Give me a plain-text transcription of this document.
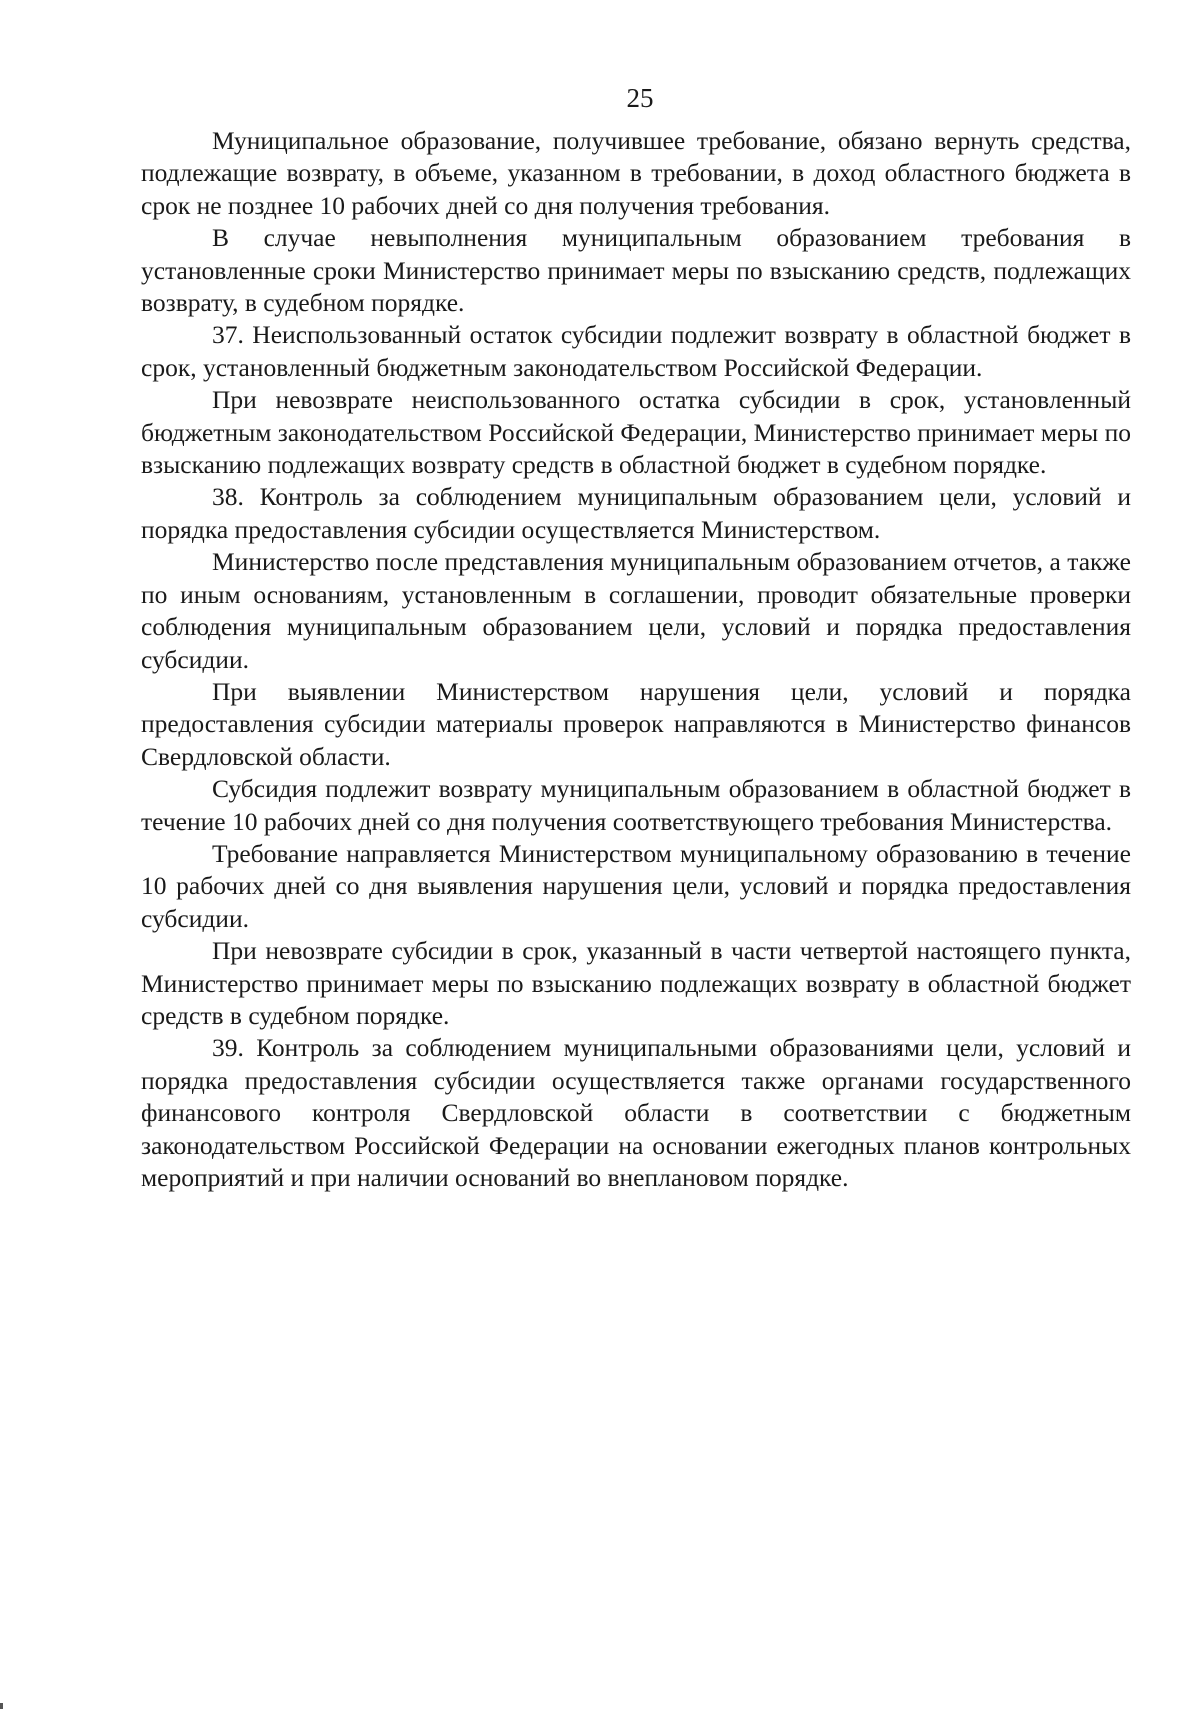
25

Муниципальное образование, получившее требование, обязано вернуть средства, подлежащие возврату, в объеме, указанном в требовании, в доход областного бюджета в срок не позднее 10 рабочих дней со дня получения требования.

В случае невыполнения муниципальным образованием требования в установленные сроки Министерство принимает меры по взысканию средств, подлежащих возврату, в судебном порядке.

37. Неиспользованный остаток субсидии подлежит возврату в областной бюджет в срок, установленный бюджетным законодательством Российской Федерации.

При невозврате неиспользованного остатка субсидии в срок, установленный бюджетным законодательством Российской Федерации, Министерство принимает меры по взысканию подлежащих возврату средств в областной бюджет в судебном порядке.

38. Контроль за соблюдением муниципальным образованием цели, условий и порядка предоставления субсидии осуществляется Министерством.

Министерство после представления муниципальным образованием отчетов, а также по иным основаниям, установленным в соглашении, проводит обязательные проверки соблюдения муниципальным образованием цели, условий и порядка предоставления субсидии.

При выявлении Министерством нарушения цели, условий и порядка предоставления субсидии материалы проверок направляются в Министерство финансов Свердловской области.

Субсидия подлежит возврату муниципальным образованием в областной бюджет в течение 10 рабочих дней со дня получения соответствующего требования Министерства.

Требование направляется Министерством муниципальному образованию в течение 10 рабочих дней со дня выявления нарушения цели, условий и порядка предоставления субсидии.

При невозврате субсидии в срок, указанный в части четвертой настоящего пункта, Министерство принимает меры по взысканию подлежащих возврату в областной бюджет средств в судебном порядке.

39. Контроль за соблюдением муниципальными образованиями цели, условий и порядка предоставления субсидии осуществляется также органами государственного финансового контроля Свердловской области в соответствии с бюджетным законодательством Российской Федерации на основании ежегодных планов контрольных мероприятий и при наличии оснований во внеплановом порядке.
